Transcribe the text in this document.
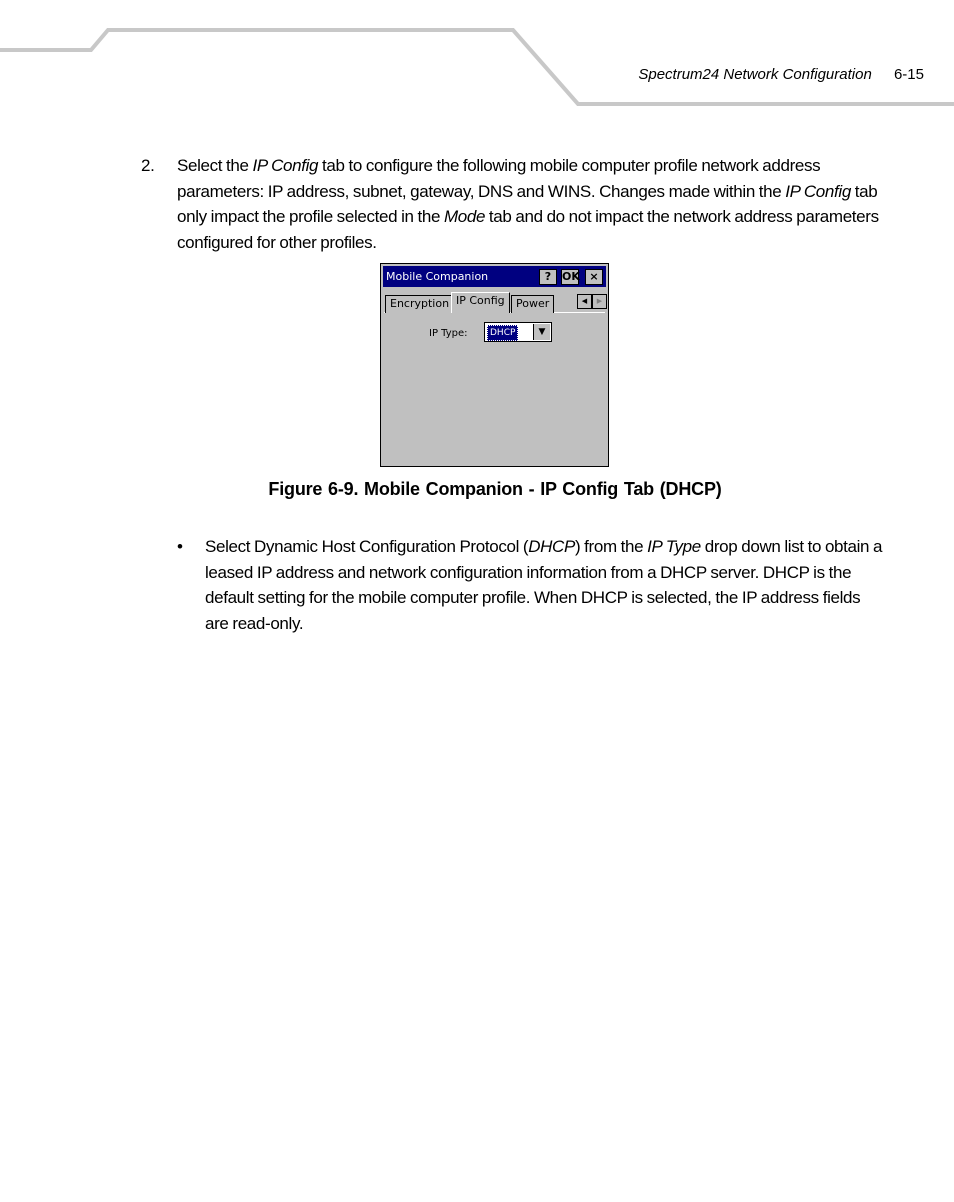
Spectrum24 Network Configuration 6-15
2. Select the IP Config tab to configure the following mobile computer profile network address parameters: IP address, subnet, gateway, DNS and WINS. Changes made within the IP Config tab only impact the profile selected in the Mode tab and do not impact the network address parameters configured for other profiles.
Mobile Companion	? OK ×
Encryption IP Config	Power	◀	▶
IP Type:	DHCP	▼
Figure 6-9. Mobile Companion - IP Config Tab (DHCP)
• Select Dynamic Host Configuration Protocol (DHCP) from the IP Type drop down list to obtain a leased IP address and network configuration information from a DHCP server. DHCP is the default setting for the mobile computer profile. When DHCP is selected, the IP address fields are read-only.
